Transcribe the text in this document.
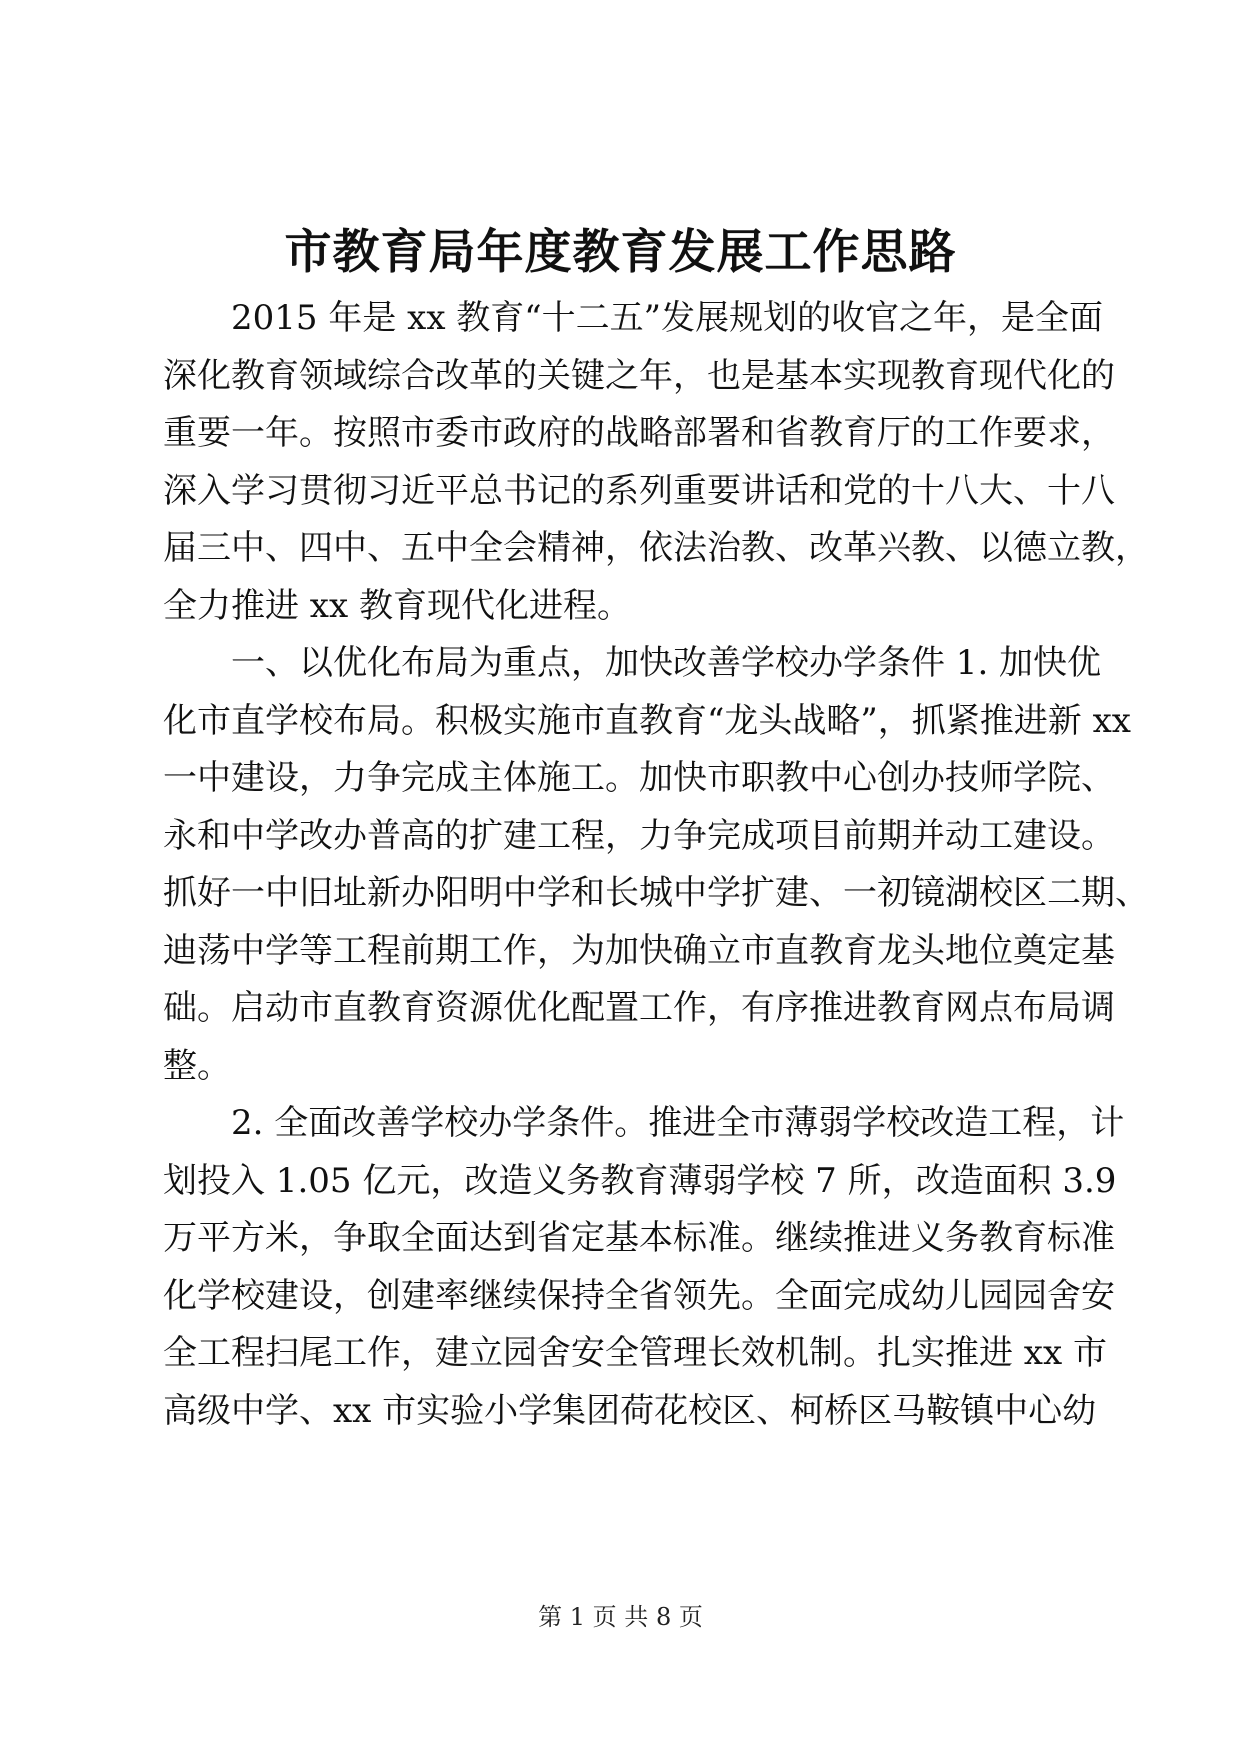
市教育局年度教育发展工作思路
2015 年是 xx 教育“十二五”发展规划的收官之年，是全面
深化教育领域综合改革的关键之年，也是基本实现教育现代化的
重要一年。按照市委市政府的战略部署和省教育厅的工作要求，
深入学习贯彻习近平总书记的系列重要讲话和党的十八大、十八
届三中、四中、五中全会精神，依法治教、改革兴教、以德立教，
全力推进 xx 教育现代化进程。
一、以优化布局为重点，加快改善学校办学条件 1. 加快优
化市直学校布局。积极实施市直教育“龙头战略”，抓紧推进新 xx
一中建设，力争完成主体施工。加快市职教中心创办技师学院、
永和中学改办普高的扩建工程，力争完成项目前期并动工建设。
抓好一中旧址新办阳明中学和长城中学扩建、一初镜湖校区二期、
迪荡中学等工程前期工作，为加快确立市直教育龙头地位奠定基
础。启动市直教育资源优化配置工作，有序推进教育网点布局调
整。
2. 全面改善学校办学条件。推进全市薄弱学校改造工程，计
划投入 1.05 亿元，改造义务教育薄弱学校 7 所，改造面积 3.9
万平方米，争取全面达到省定基本标准。继续推进义务教育标准
化学校建设，创建率继续保持全省领先。全面完成幼儿园园舍安
全工程扫尾工作，建立园舍安全管理长效机制。扎实推进 xx 市
高级中学、xx 市实验小学集团荷花校区、柯桥区马鞍镇中心幼
第 1 页 共 8 页
